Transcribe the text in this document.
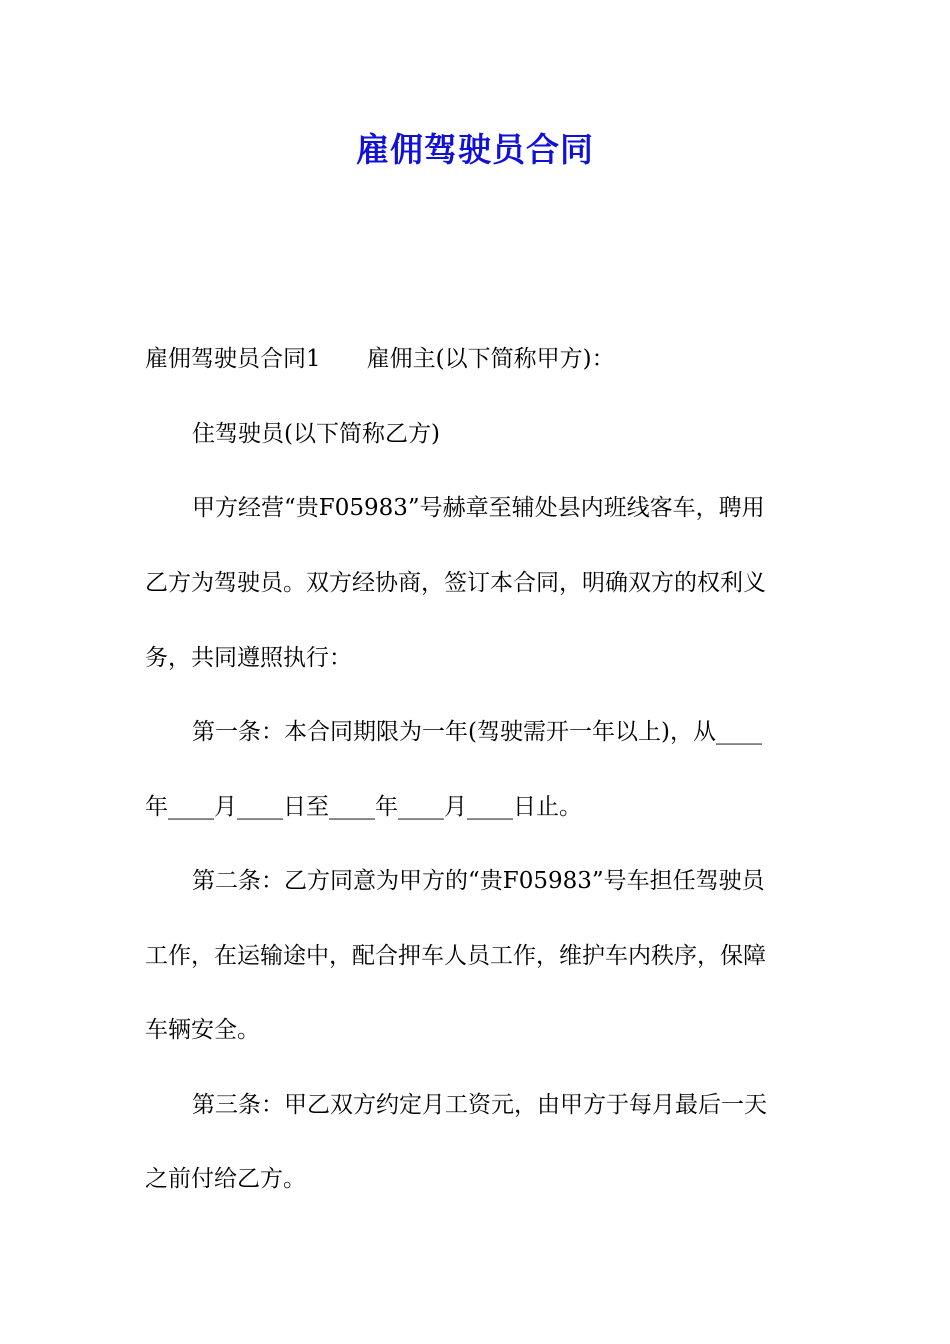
雇佣驾驶员合同
雇佣驾驶员合同1　　雇佣主(以下简称甲方)：
住驾驶员(以下简称乙方)
甲方经营“贵F05983”号赫章至辅处县内班线客车，聘用
乙方为驾驶员。双方经协商，签订本合同，明确双方的权利义
务，共同遵照执行：
第一条：本合同期限为一年(驾驶需开一年以上)，从____
年____月____日至____年____月____日止。
第二条：乙方同意为甲方的“贵F05983”号车担任驾驶员
工作，在运输途中，配合押车人员工作，维护车内秩序，保障
车辆安全。
第三条：甲乙双方约定月工资元，由甲方于每月最后一天
之前付给乙方。
